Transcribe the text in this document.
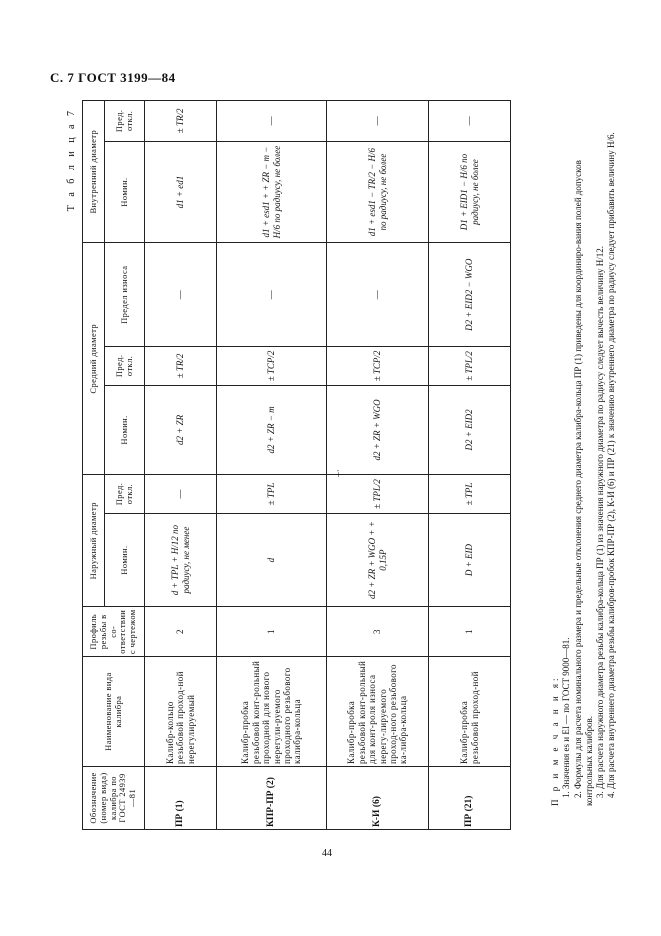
С. 7 ГОСТ 3199—84
–·
Т а б л и ц а 7
Обозначение (номер вида) калибра по ГОСТ 24939—81	Наименование вида калибра	Профиль резьбы в со-ответствии с чертежом	Наружный диаметр		Средний диаметр			Внутренний диаметр	
			Номин.	Пред. откл.	Номин.	Пред. откл.	Предел износа	Номин.	Пред. откл.
ПР (1)	Калибр-кольцо резьбовой проход-ной нерегулируемый	2	d + TPL + H/12 по радиусу, не менее	—	d2 + ZR	± TR/2	—	d1 + ed1	± TR/2
КПР-ПР (2)	Калибр-пробка резьбовой конт-рольный проходной для нового нерегули-руемого проходного резьбового калибра-кольца	1	d	± TPL	d2 + ZR − m	± TCP/2	—	d1 + esd1 + + ZR − m − H/6 по радиусу, не более	—
К-И (6)	Калибр-пробка резьбовой конт-рольный для конт-роля износа нерегу-лируемого проход-ного резьбового ка-либра-кольца	3	d2 + ZR + WGO + + 0,15P	± TPL/2	d2 + ZR + WGO	± TCP/2	—	d1 + esd1 − TR/2 − H/6 по радиусу, не более	—
ПР (21)	Калибр-пробка резьбовой проход-ной	1	D + EID	± TPL	D2 + EID2	± TPL/2	D2 + EID2 − WGO	D1 + EID1 − H/6 по радиусу, не более	—
П р и м е ч а н и я: 1. Значения es и EI — по ГОСТ 9000—81. 2. Формулы для расчета номинального размера и предельные отклонения среднего диаметра калибра-кольца ПР (1) приведены для координиро-вания полей допусков контрольных калибров. 3. Для расчета наружного диаметра резьбы калибра-кольца ПР (1) из значения наружного диаметра по радиусу следует вычесть величину H/12. 4. Для расчета внутреннего диаметра резьбы калибров-пробок КПР-ПР (2), К-И (6) и ПР (21) к значению внутреннего диаметра по радиусу следует прибавить величину H/6.

44
